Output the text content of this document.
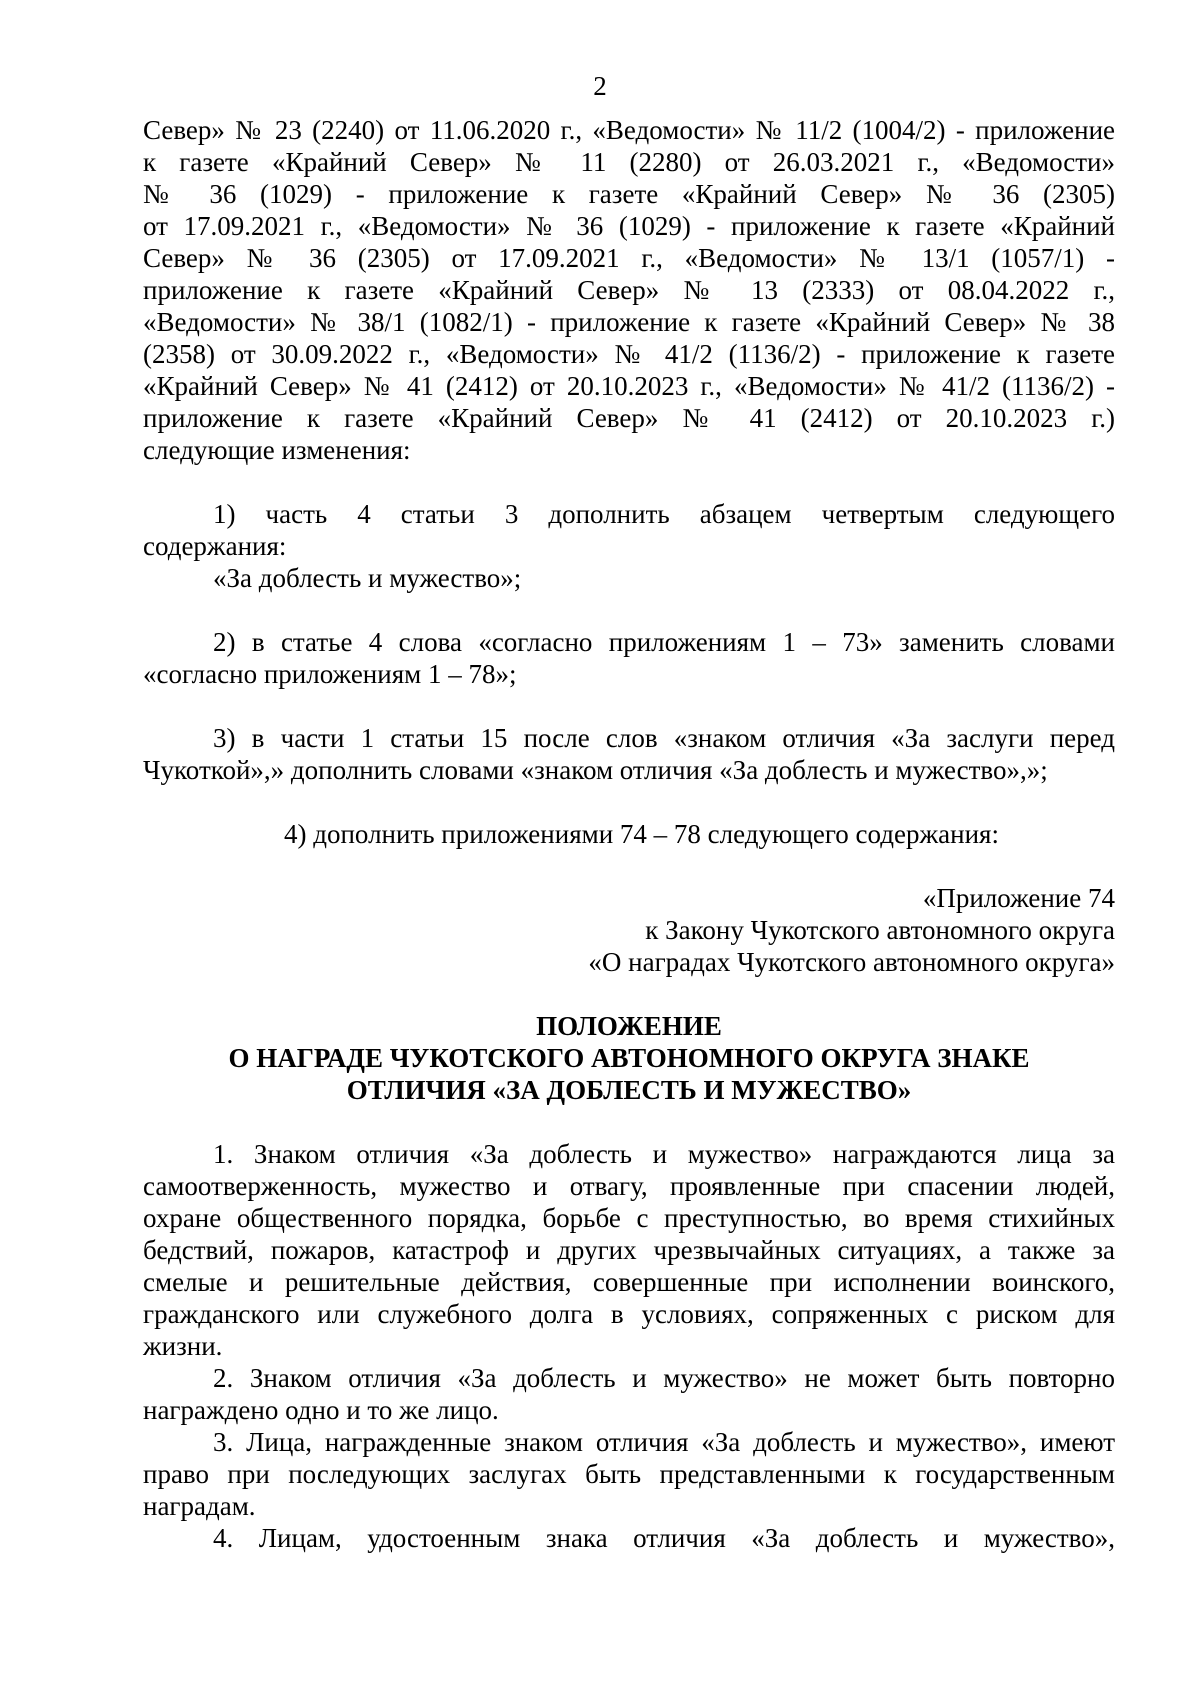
2
Север» № 23 (2240) от 11.06.2020 г., «Ведомости» № 11/2 (1004/2) - приложение
к газете «Крайний Север» № 11 (2280) от 26.03.2021 г., «Ведомости»
№ 36 (1029) - приложение к газете «Крайний Север» № 36 (2305)
от 17.09.2021 г., «Ведомости» № 36 (1029) - приложение к газете «Крайний
Север» № 36 (2305) от 17.09.2021 г., «Ведомости» № 13/1 (1057/1) -
приложение к газете «Крайний Север» № 13 (2333) от 08.04.2022 г.,
«Ведомости» № 38/1 (1082/1) - приложение к газете «Крайний Север» № 38
(2358) от 30.09.2022 г., «Ведомости» № 41/2 (1136/2) - приложение к газете
«Крайний Север» № 41 (2412) от 20.10.2023 г., «Ведомости» № 41/2 (1136/2) -
приложение к газете «Крайний Север» № 41 (2412) от 20.10.2023 г.)
следующие изменения:
1) часть 4 статьи 3 дополнить абзацем четвертым следующего
содержания:
«За доблесть и мужество»;
2) в статье 4 слова «согласно приложениям 1 – 73» заменить словами
«согласно приложениям 1 – 78»;
3) в части 1 статьи 15 после слов «знаком отличия «За заслуги перед
Чукоткой»,» дополнить словами «знаком отличия «За доблесть и мужество»,»;
4) дополнить приложениями 74 – 78 следующего содержания:
«Приложение 74
к Закону Чукотского автономного округа
«О наградах Чукотского автономного округа»
ПОЛОЖЕНИЕ
О НАГРАДЕ ЧУКОТСКОГО АВТОНОМНОГО ОКРУГА ЗНАКЕ
ОТЛИЧИЯ «ЗА ДОБЛЕСТЬ И МУЖЕСТВО»
1. Знаком отличия «За доблесть и мужество» награждаются лица за
самоотверженность, мужество и отвагу, проявленные при спасении людей,
охране общественного порядка, борьбе с преступностью, во время стихийных
бедствий, пожаров, катастроф и других чрезвычайных ситуациях, а также за
смелые и решительные действия, совершенные при исполнении воинского,
гражданского или служебного долга в условиях, сопряженных с риском для
жизни.
2. Знаком отличия «За доблесть и мужество» не может быть повторно
награждено одно и то же лицо.
3. Лица, награжденные знаком отличия «За доблесть и мужество», имеют
право при последующих заслугах быть представленными к государственным
наградам.
4. Лицам, удостоенным знака отличия «За доблесть и мужество»,
